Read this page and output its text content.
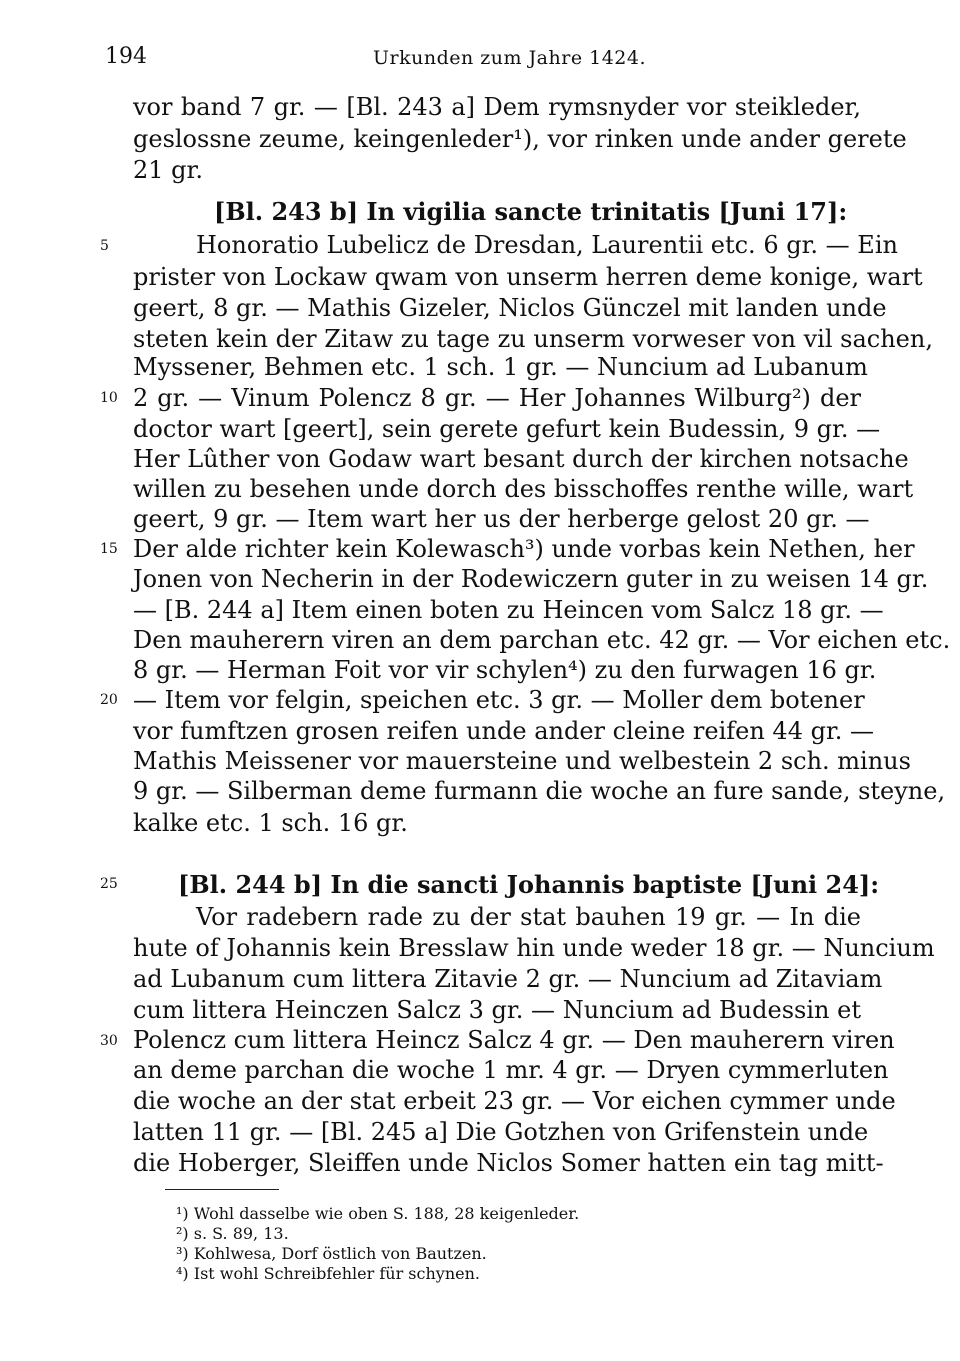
194	Urkunden zum Jahre 1424.
vor band 7 gr. — [Bl. 243 a] Dem rymsnyder vor steikleder,
geslossne zeume, keingenleder¹), vor rinken unde ander gerete
21 gr.
[Bl. 243 b] In vigilia sancte trinitatis [Juni 17]:
Honoratio Lubelicz de Dresdan, Laurentii etc. 6 gr. — Ein
prister von Lockaw qwam von unserm herren deme konige, wart
geert, 8 gr. — Mathis Gizeler, Niclos Günczel mit landen unde
steten kein der Zitaw zu tage zu unserm vorweser von vil sachen,
Myssener, Behmen etc. 1 sch. 1 gr. — Nuncium ad Lubanum
2 gr. — Vinum Polencz 8 gr. — Her Johannes Wilburg²) der
doctor wart [geert], sein gerete gefurt kein Budessin, 9 gr. —
Her Lûther von Godaw wart besant durch der kirchen notsache
willen zu besehen unde dorch des bisschoffes renthe wille, wart
geert, 9 gr. — Item wart her us der herberge gelost 20 gr. —
Der alde richter kein Kolewasch³) unde vorbas kein Nethen, her
Jonen von Necherin in der Rodewiczern guter in zu weisen 14 gr.
— [B. 244 a] Item einen boten zu Heincen vom Salcz 18 gr. —
Den mauherern viren an dem parchan etc. 42 gr. — Vor eichen etc.
8 gr. — Herman Foit vor vir schylen⁴) zu den furwagen 16 gr.
— Item vor felgin, speichen etc. 3 gr. — Moller dem botener
vor fumftzen grosen reifen unde ander cleine reifen 44 gr. —
Mathis Meissener vor mauersteine und welbestein 2 sch. minus
9 gr. — Silberman deme furmann die woche an fure sande, steyne,
kalke etc. 1 sch. 16 gr.
[Bl. 244 b] In die sancti Johannis baptiste [Juni 24]:
Vor radebern rade zu der stat bauhen 19 gr. — In die
hute of Johannis kein Bresslaw hin unde weder 18 gr. — Nuncium
ad Lubanum cum littera Zitavie 2 gr. — Nuncium ad Zitaviam
cum littera Heinczen Salcz 3 gr. — Nuncium ad Budessin et
Polencz cum littera Heincz Salcz 4 gr. — Den mauherern viren
an deme parchan die woche 1 mr. 4 gr. — Dryen cymmerluten
die woche an der stat erbeit 23 gr. — Vor eichen cymmer unde
latten 11 gr. — [Bl. 245 a] Die Gotzhen von Grifenstein unde
die Hoberger, Sleiffen unde Niclos Somer hatten ein tag mitt-
5
10
15
20
25
30
¹) Wohl dasselbe wie oben S. 188, 28 keigenleder.
²) s. S. 89, 13.
³) Kohlwesa, Dorf östlich von Bautzen.
⁴) Ist wohl Schreibfehler für schynen.
